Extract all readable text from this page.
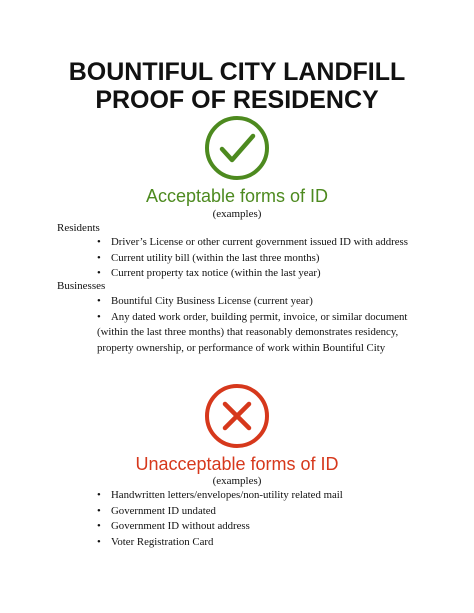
BOUNTIFUL CITY LANDFILL
PROOF OF RESIDENCY
Acceptable forms of ID
(examples)
Residents
• Driver’s License or other current government issued ID with address
• Current utility bill (within the last three months)
• Current property tax notice (within the last year)
Businesses
• Bountiful City Business License (current year)
• Any dated work order, building permit, invoice, or similar document
(within the last three months) that reasonably demonstrates residency,
property ownership, or performance of work within Bountiful City
Unacceptable forms of ID
(examples)
• Handwritten letters/envelopes/non-utility related mail
• Government ID undated
• Government ID without address
• Voter Registration Card
